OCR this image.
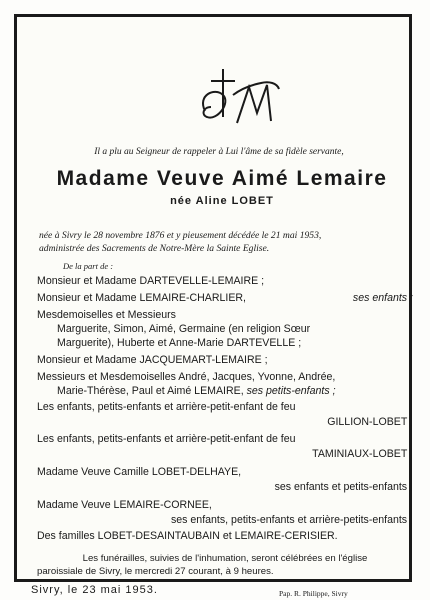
Il a plu au Seigneur de rappeler à Lui l'âme de sa fidèle servante,
Madame Veuve Aimé Lemaire
née Aline LOBET
née à Sivry le 28 novembre 1876 et y pieusement décédée le 21 mai 1953,
administrée des Sacrements de Notre-Mère la Sainte Eglise.
De la part de :
Monsieur et Madame DARTEVELLE-LEMAIRE ;
Monsieur et Madame LEMAIRE-CHARLIER,	ses enfants ;
Mesdemoiselles et Messieurs
Marguerite, Simon, Aimé, Germaine (en religion Sœur
Marguerite), Huberte et Anne-Marie DARTEVELLE ;
Monsieur et Madame JACQUEMART-LEMAIRE ;
Messieurs et Mesdemoiselles André, Jacques, Yvonne, Andrée,
Marie-Thérèse, Paul et Aimé LEMAIRE, ses petits-enfants ;
Les enfants, petits-enfants et arrière-petit-enfant de feu
GILLION-LOBET ;
Les enfants, petits-enfants et arrière-petit-enfant de feu
TAMINIAUX-LOBET ;
Madame Veuve Camille LOBET-DELHAYE,
ses enfants et petits-enfants ;
Madame Veuve LEMAIRE-CORNEE,
ses enfants, petits-enfants et arrière-petits-enfants ;
Des familles LOBET-DESAINTAUBAIN et LEMAIRE-CERISIER.
Les funérailles, suivies de l'inhumation, seront célébrées en l'église
paroissiale de Sivry, le mercredi 27 courant, à 9 heures.
Sivry, le 23 mai 1953.	Pap. R. Philippe, Sivry
